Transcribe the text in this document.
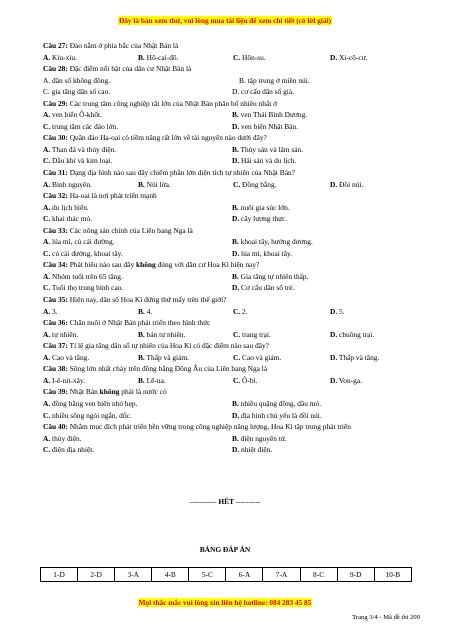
Đây là bản xem thử, vui lòng mua tài liệu để xem chi tiết (có lời giải)
Câu 27: Đảo nằm ở phía bắc của Nhật Bản là
A. Kiu-xiu.	B. Hô-cai-đô.	C. Hôn-su.	D. Xi-cô-cư.
Câu 28: Đặc điểm nổi bật của dân cư Nhật Bản là
A. đân số không đông.	B. tập trung ở miền núi.
C. gia tăng dân số cao.	D. cơ cấu dân số già.
Câu 29: Các trung tâm công nghiệp rất lớn của Nhật Bản phân bố nhiều nhất ở
A. ven biển Ô-khốt.	B. ven Thái Bình Dương.
C. trung tâm các đảo lớn.	D. ven biển Nhật Bản.
Câu 30: Quần đảo Ha-oai có tiềm năng rất lớn về tài nguyên nào dưới đây?
A. Than đá và thủy điện.	B. Thủy sản và lâm sản.
C. Dầu khí và kim loại.	D. Hải sản và du lịch.
Câu 31: Dạng địa hình nào sau đây chiếm phần lớn diện tích tự nhiên của Nhật Bản?
A. Bình nguyên.	B. Núi lửa.	C. Đồng bằng.	D. Đồi núi.
Câu 32: Ha-oai là nơi phát triển mạnh
A. du lịch biển.	B. nuôi gia súc lớn.
C. khai thác mỏ.	D. cây lương thực.
Câu 33: Các nông sản chính của Liên bang Nga là
A. lúa mì, củ cải đường.	B. khoai tây, hướng dương.
C. củ cải đường, khoai tây.	D. lúa mì, khoai tây.
Câu 34: Phát biểu nào sau đây không đúng với dân cư Hoa Kì hiện nay?
A. Nhóm tuổi trên 65 tăng.	B. Gia tăng tự nhiên thấp.
C. Tuổi thọ trung bình cao.	D. Cơ cấu dân số trẻ.
Câu 35: Hiện nay, dân số Hoa Kì đứng thứ mấy trên thế giới?
A. 3.	B. 4.	C. 2.	D. 5.
Câu 36: Chăn nuôi ở Nhật Bản phát triển theo hình thức
A. tự nhiên.	B. bán tự nhiên.	C. trang trại.	D. chuồng trại.
Câu 37: Tỉ lệ gia tăng dân số tự nhiên của Hoa Kì có đặc điểm nào sau đây?
A. Cao và tăng.	B. Thấp và giảm.	C. Cao và giảm.	D. Thấp và tăng.
Câu 38: Sông lớn nhất chảy trên đồng bằng Đông Âu của Liên bang Nga là
A. I-ê-nit-xây.	B. Lê-na.	C. Ô-bi.	D. Von-ga.
Câu 39: Nhật Bản không phải là nước có
A. đồng bằng ven biển nhỏ hẹp.	B. nhiều quặng đồng, dầu mỏ.
C. nhiều sông ngòi ngắn, dốc.	D. địa hình chủ yếu là đồi núi.
Câu 40: Nhằm mục đích phát triển bền vững trong công nghiệp năng lượng, Hoa Kì tập trung phát triển
A. thủy điện.	B. điện nguyên tử.
C. điện địa nhiệt.	D. nhiệt điện.
----------- HẾT ----------
BẢNG ĐÁP ÁN
1-D	2-D	3-A	4-B	5-C	6-A	7-A	8-C	9-D	10-B
Mọi thắc mắc vui lòng xin liên hệ hotline: 084 283 45 85
Trang 3/4 - Mã đề thi 209
